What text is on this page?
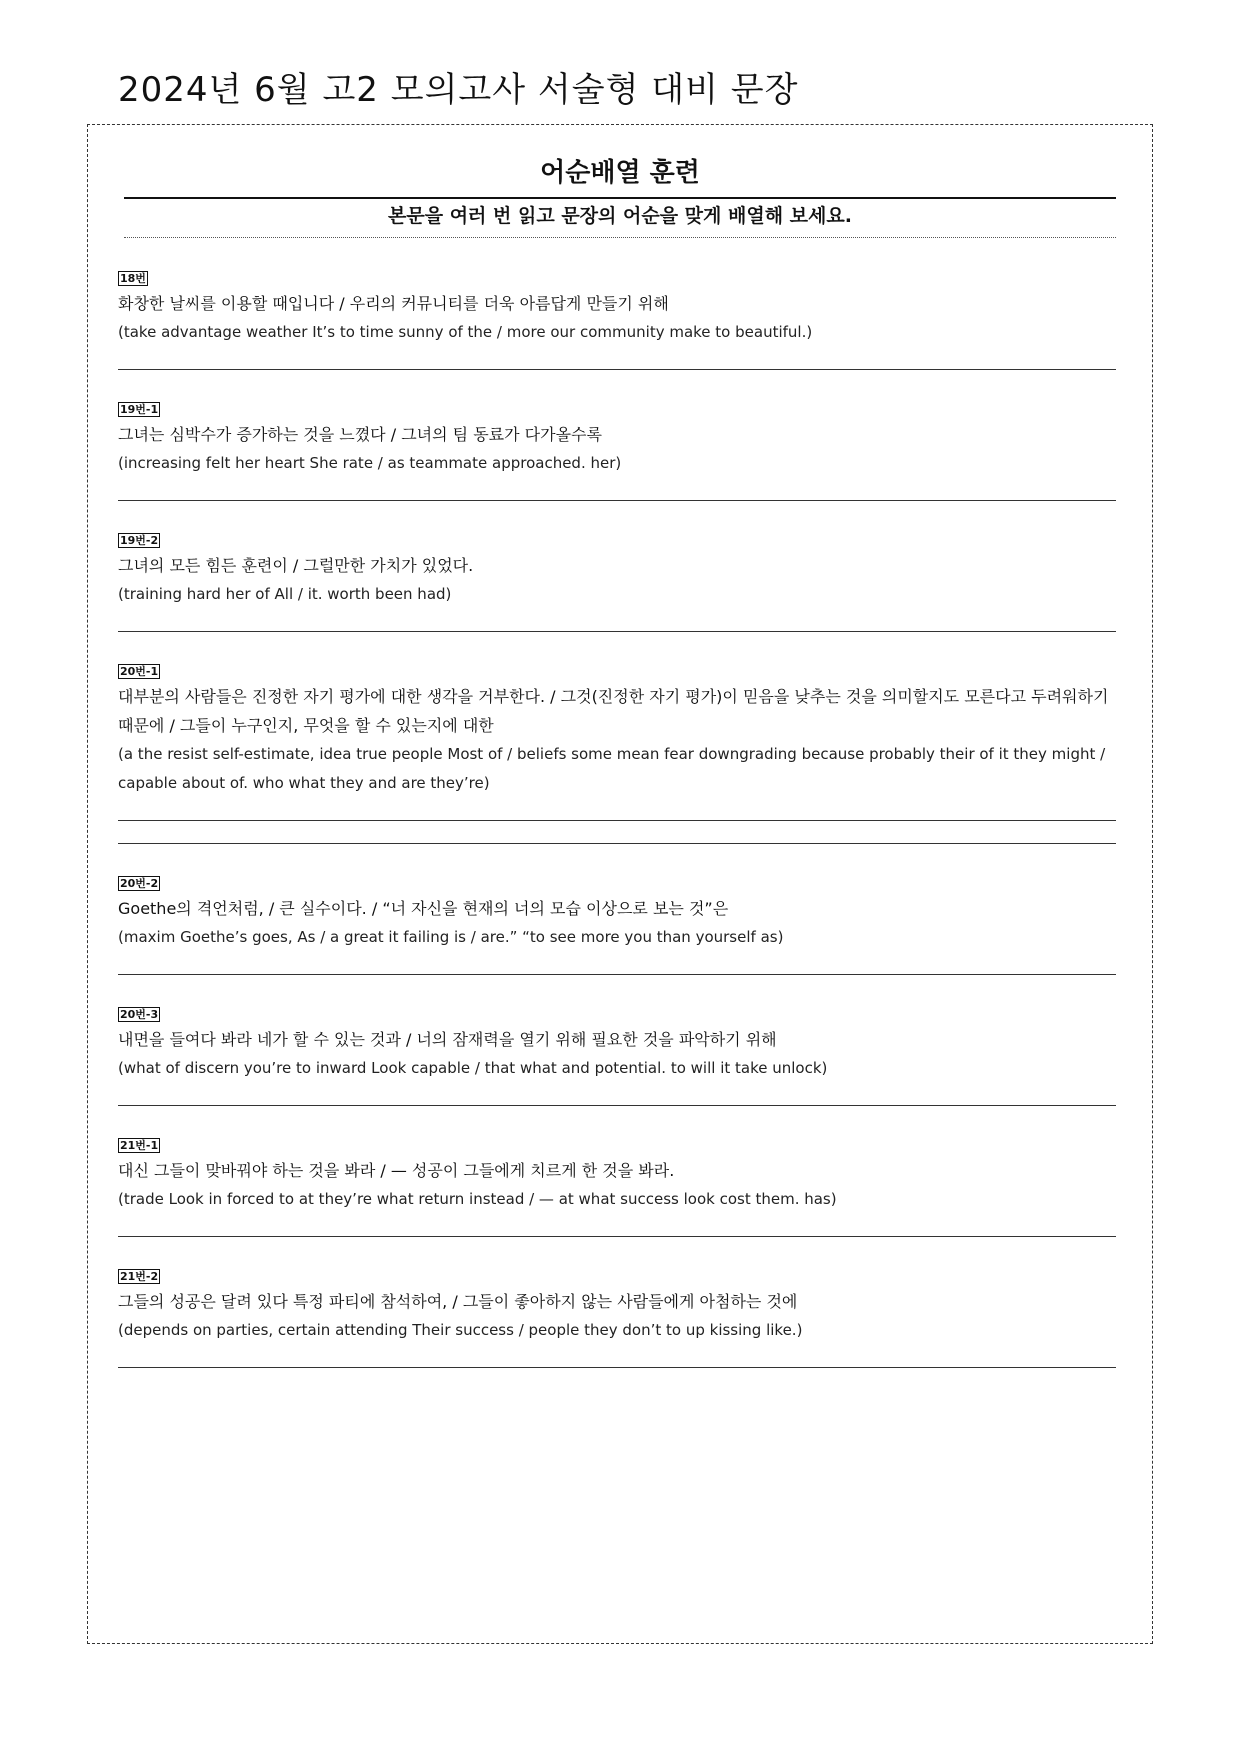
2024년 6월 고2 모의고사 서술형 대비 문장
어순배열 훈련
본문을 여러 번 읽고 문장의 어순을 맞게 배열해 보세요.
18번

화창한 날씨를 이용할 때입니다 / 우리의 커뮤니티를 더욱 아름답게 만들기 위해

(take advantage weather It’s to time sunny of the / more our community make to beautiful.)

19번-1

그녀는 심박수가 증가하는 것을 느꼈다 / 그녀의 팀 동료가 다가올수록

(increasing felt her heart She rate / as teammate approached. her)

19번-2

그녀의 모든 힘든 훈련이 / 그럴만한 가치가 있었다.

(training hard her of All / it. worth been had)

20번-1

대부분의 사람들은 진정한 자기 평가에 대한 생각을 거부한다. / 그것(진정한 자기 평가)이 믿음을 낮추는 것을 의미할지도 모른다고 두려워하기 때문에 / 그들이 누구인지, 무엇을 할 수 있는지에 대한

(a the resist self-estimate, idea true people Most of / beliefs some mean fear downgrading because probably their of it they might / capable about of. who what they and are they’re)

20번-2

Goethe의 격언처럼, / 큰 실수이다. / “너 자신을 현재의 너의 모습 이상으로 보는 것”은

(maxim Goethe’s goes, As / a great it failing is / are.” “to see more you than yourself as)

20번-3

내면을 들여다 봐라 네가 할 수 있는 것과 / 너의 잠재력을 열기 위해 필요한 것을 파악하기 위해

(what of discern you’re to inward Look capable / that what and potential. to will it take unlock)

21번-1

대신 그들이 맞바꿔야 하는 것을 봐라 / — 성공이 그들에게 치르게 한 것을 봐라.

(trade Look in forced to at they’re what return instead / — at what success look cost them. has)

21번-2

그들의 성공은 달려 있다 특정 파티에 참석하여, / 그들이 좋아하지 않는 사람들에게 아첨하는 것에

(depends on parties, certain attending Their success / people they don’t to up kissing like.)
